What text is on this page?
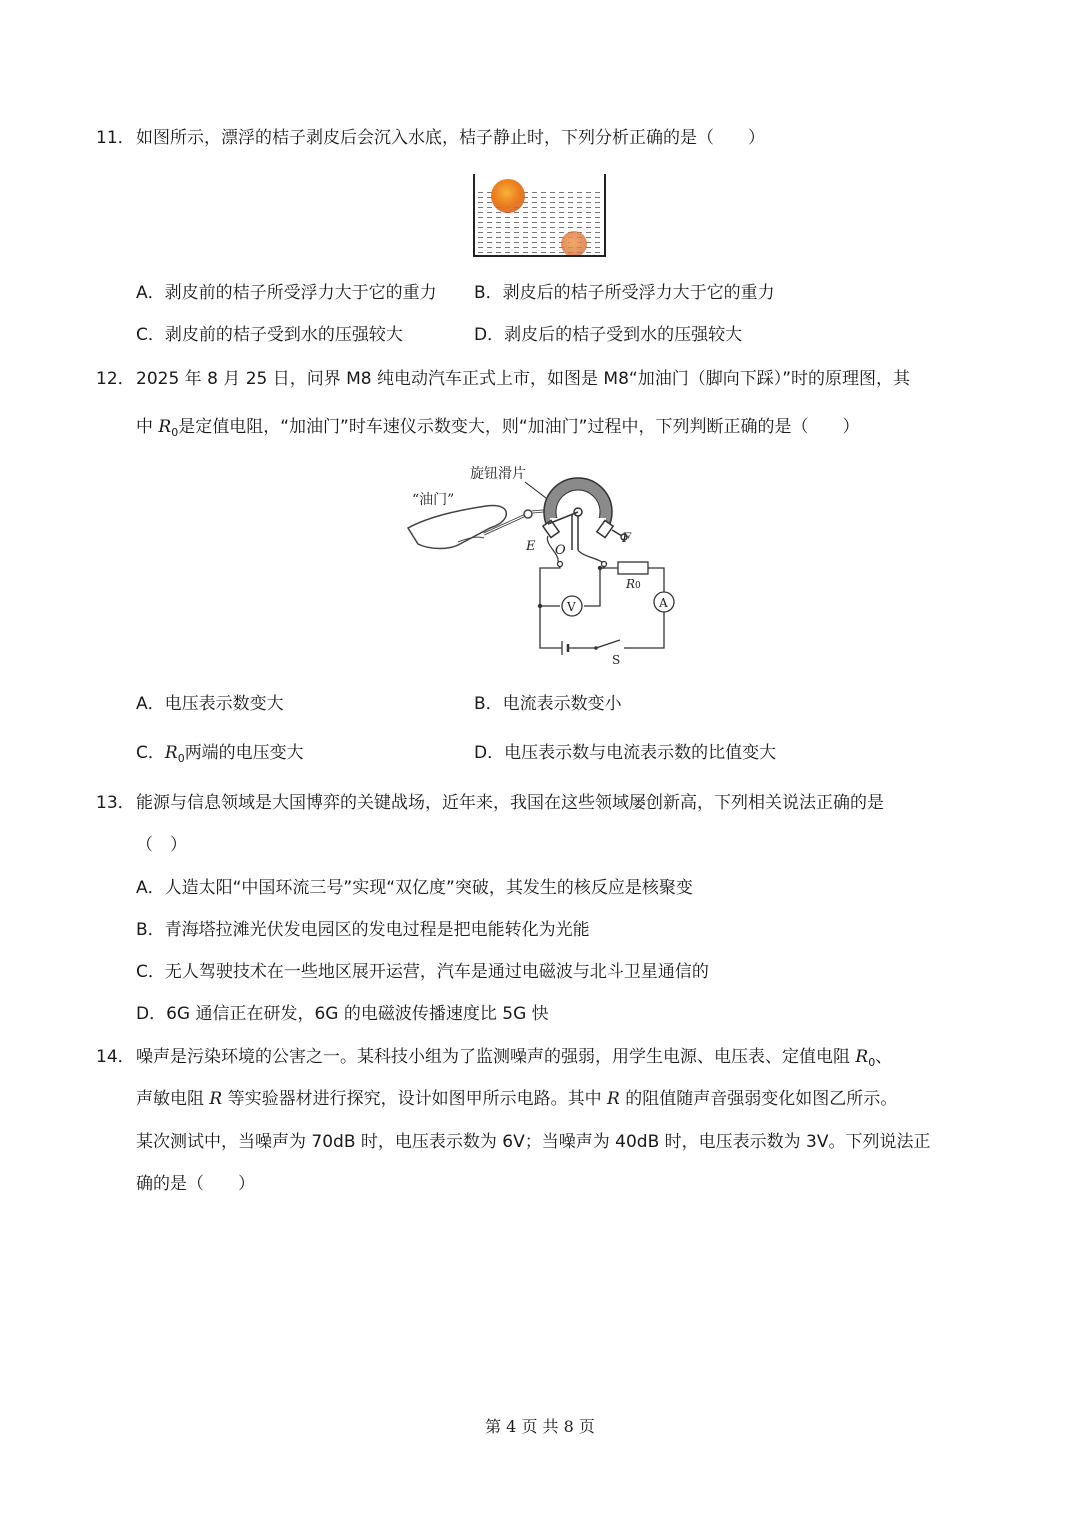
11． 如图所示，漂浮的桔子剥皮后会沉入水底，桔子静止时，下列分析正确的是（　　）
A．剥皮前的桔子所受浮力大于它的重力 B．剥皮后的桔子所受浮力大于它的重力
C．剥皮前的桔子受到水的压强较大	D．剥皮后的桔子受到水的压强较大
12． 2025 年 8 月 25 日，问界 M8 纯电动汽车正式上市，如图是 M8“加油门（脚向下踩）”时的原理图，其
中 $R_0$是定值电阻，“加油门”时车速仪示数变大，则“加油门”过程中，下列判断正确的是（　　）
旋钮滑片
“油门”
E O
F
R0
A
V
S
A．电压表示数变大	B．电流表示数变小
C．$R_0$两端的电压变大	D．电压表示数与电流表示数的比值变大
13． 能源与信息领域是大国博弈的关键战场，近年来，我国在这些领域屡创新高，下列相关说法正确的是
（　）
A．人造太阳“中国环流三号”实现“双亿度”突破，其发生的核反应是核聚变
B．青海塔拉滩光伏发电园区的发电过程是把电能转化为光能
C．无人驾驶技术在一些地区展开运营，汽车是通过电磁波与北斗卫星通信的
D．6G 通信正在研发，6G 的电磁波传播速度比 5G 快
14． 噪声是污染环境的公害之一。某科技小组为了监测噪声的强弱，用学生电源、电压表、定值电阻 $R_0$、
声敏电阻 R 等实验器材进行探究，设计如图甲所示电路。其中 R 的阻值随声音强弱变化如图乙所示。
某次测试中，当噪声为 70dB 时，电压表示数为 6V；当噪声为 40dB 时，电压表示数为 3V。下列说法正
确的是（　　）
第 4 页 共 8 页
